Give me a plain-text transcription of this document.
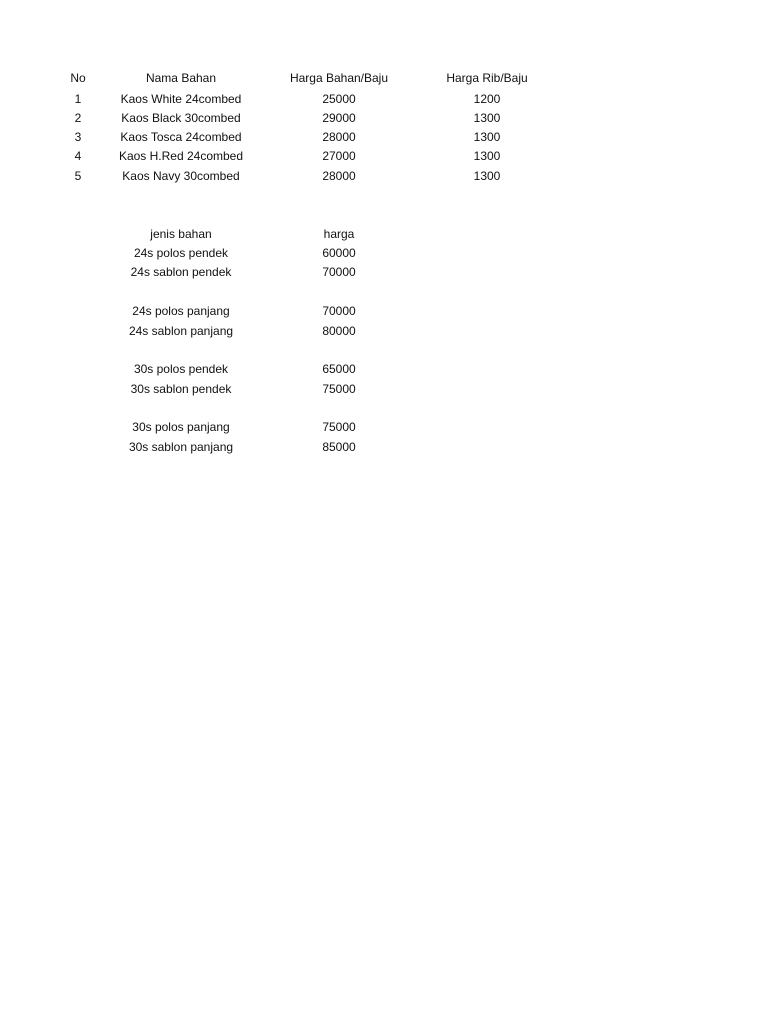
No	Nama Bahan	Harga Bahan/Baju	Harga Rib/Baju
1	Kaos White 24combed	25000	1200
2	Kaos Black 30combed	29000	1300
3	Kaos Tosca 24combed	28000	1300
4	Kaos H.Red 24combed	27000	1300
5	Kaos Navy 30combed	28000	1300
jenis bahan	harga
24s polos pendek	60000
24s sablon pendek	70000
24s polos panjang	70000
24s sablon panjang	80000
30s polos pendek	65000
30s sablon pendek	75000
30s polos panjang	75000
30s sablon panjang	85000
